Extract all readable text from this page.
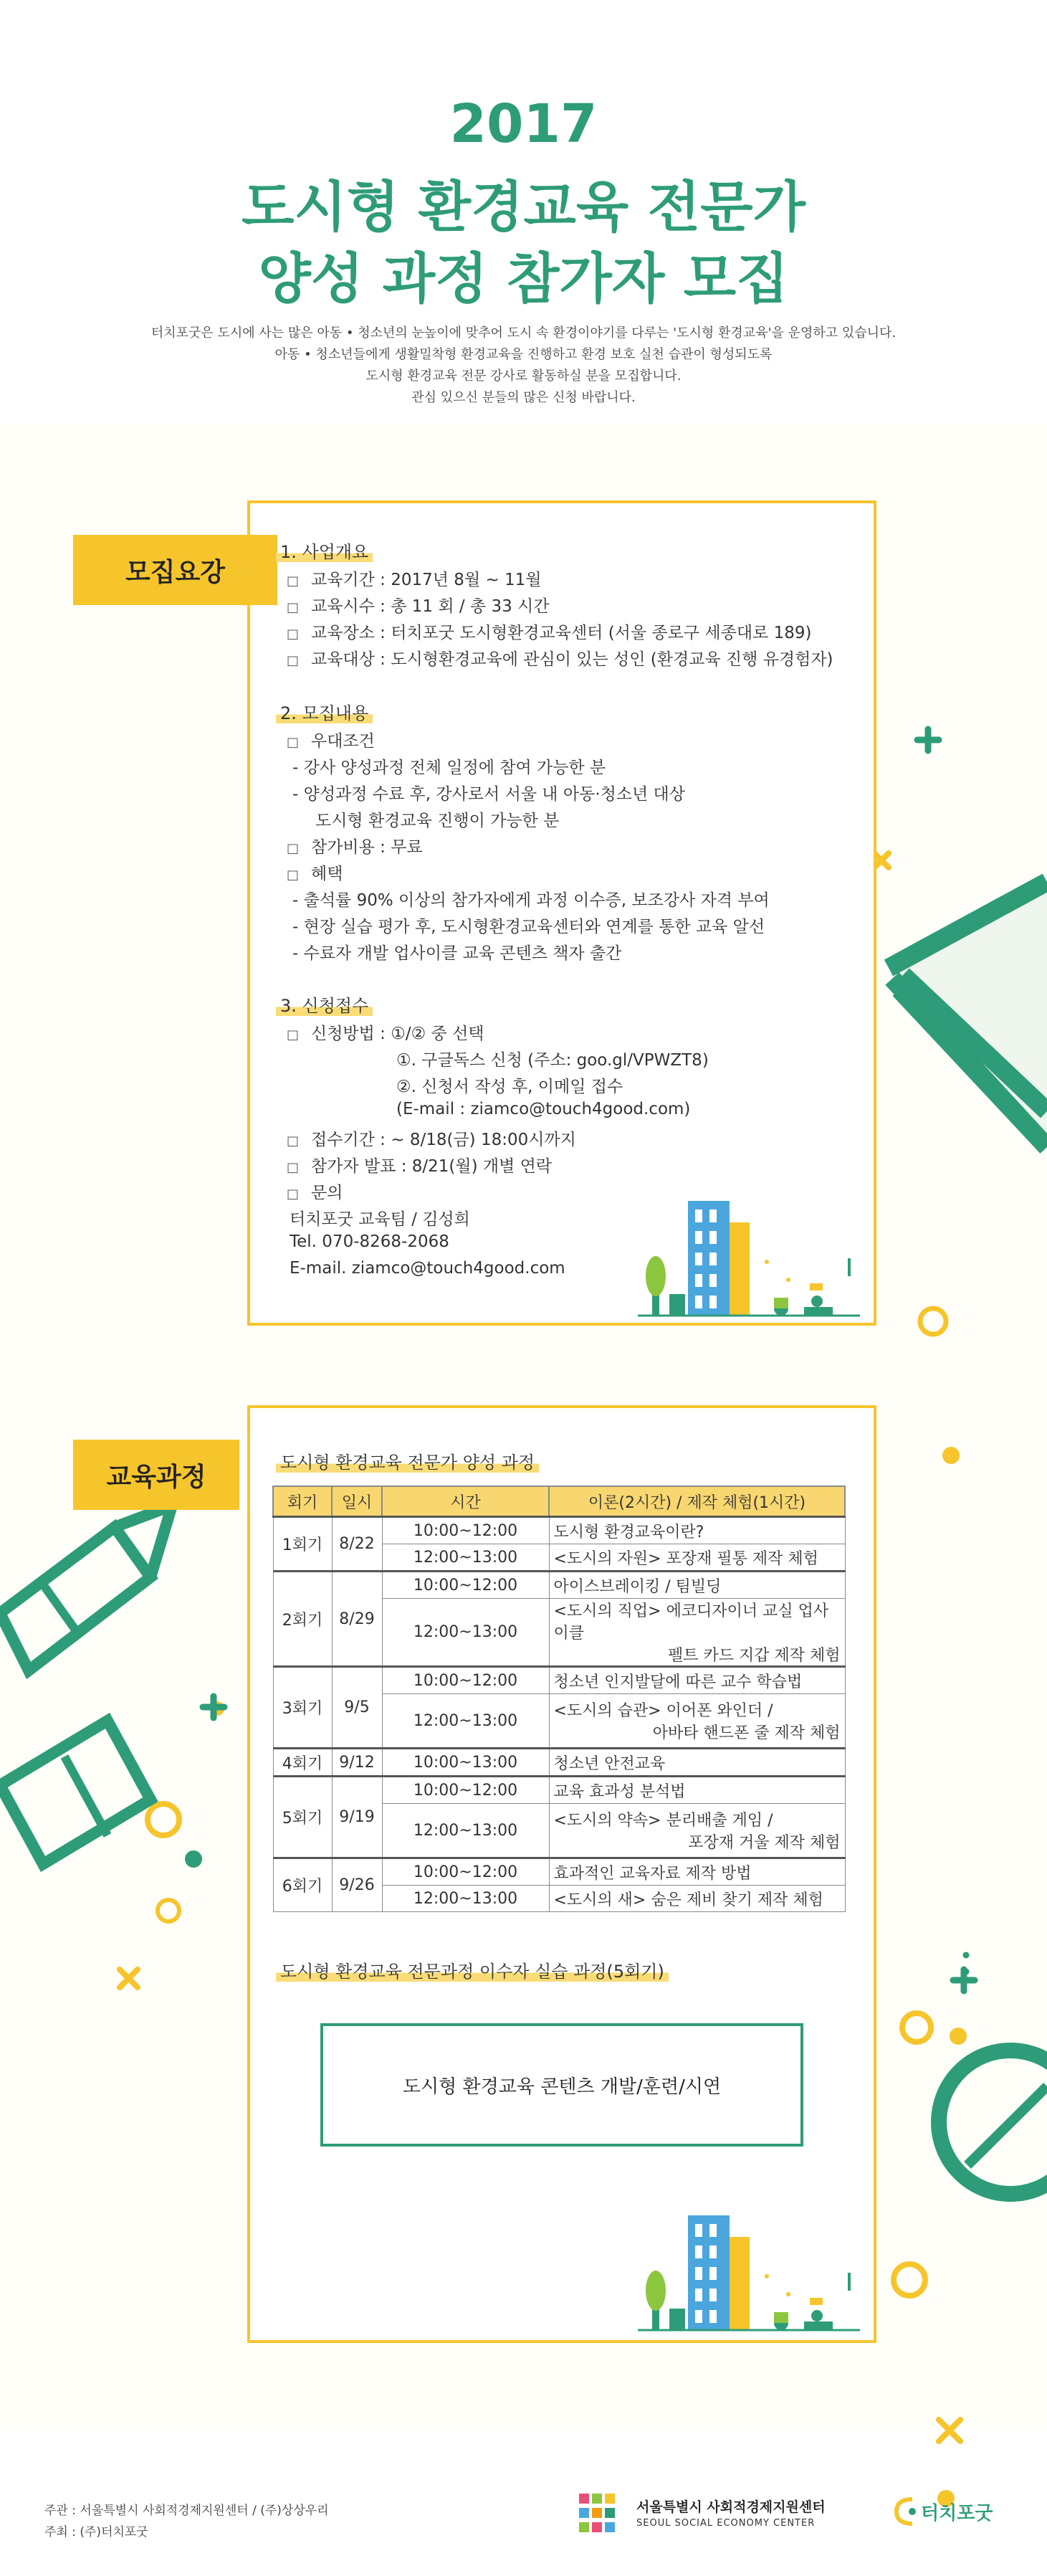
2017
도시형 환경교육 전문가
양성 과정 참가자 모집
터치포굿은 도시에 사는 많은 아동 • 청소년의 눈높이에 맞추어 도시 속 환경이야기를 다루는 '도시형 환경교육'을 운영하고 있습니다.
아동 • 청소년들에게 생활밀착형 환경교육을 진행하고 환경 보호 실천 습관이 형성되도록
도시형 환경교육 전문 강사로 활동하실 분을 모집합니다.
관심 있으신 분들의 많은 신청 바랍니다.
모집요강
1. 사업개요
□ 교육기간 : 2017년 8월 ~ 11월
□ 교육시수 : 총 11 회 / 총 33 시간
□ 교육장소 : 터치포굿 도시형환경교육센터 (서울 종로구 세종대로 189)
□ 교육대상 : 도시형환경교육에 관심이 있는 성인 (환경교육 진행 유경험자)
2. 모집내용
□ 우대조건
- 강사 양성과정 전체 일정에 참여 가능한 분
- 양성과정 수료 후, 강사로서 서울 내 아동·청소년 대상
도시형 환경교육 진행이 가능한 분
□ 참가비용 : 무료
□ 혜택
- 출석률 90% 이상의 참가자에게 과정 이수증, 보조강사 자격 부여
- 현장 실습 평가 후, 도시형환경교육센터와 연계를 통한 교육 알선
- 수료자 개발 업사이클 교육 콘텐츠 책자 출간
3. 신청접수
□ 신청방법 : ①/② 중 선택
①. 구글독스 신청 (주소: goo.gl/VPWZT8)
②. 신청서 작성 후, 이메일 접수
(E-mail : ziamco@touch4good.com)
□ 접수기간 : ~ 8/18(금) 18:00시까지
□ 참가자 발표 : 8/21(월) 개별 연락
□ 문의
터치포굿 교육팀 / 김성희
Tel. 070-8268-2068
E-mail. ziamco@touch4good.com
교육과정	도시형 환경교육 전문가 양성 과정
회기	일시	시간	이론(2시간) / 제작 체험(1시간)
1회기	8/22	10:00~12:00	도시형 환경교육이란?
		12:00~13:00	<도시의 자원> 포장재 필통 제작 체험
2회기	8/29	10:00~12:00	아이스브레이킹 / 팀빌딩
		12:00~13:00	<도시의 직업> 에코디자이너 교실 업사이클
펠트 카드 지갑 제작 체험

3회기	9/5	10:00~12:00	청소년 인지발달에 따른 교수 학습법
		12:00~13:00	<도시의 습관> 이어폰 와인더 /
아바타 핸드폰 줄 제작 체험

4회기	9/12	10:00~13:00	청소년 안전교육
5회기	9/19	10:00~12:00	교육 효과성 분석법
		12:00~13:00	<도시의 약속> 분리배출 게임 /
포장재 거울 제작 체험

6회기	9/26	10:00~12:00	효과적인 교육자료 제작 방법
		12:00~13:00	<도시의 새> 숨은 제비 찾기 제작 체험
도시형 환경교육 전문과정 이수자 실습 과정(5회기)
도시형 환경교육 콘텐츠 개발/훈련/시연
주관 : 서울특별시 사회적경제지원센터 / (주)상상우리
주최 : (주)터치포굿
서울특별시 사회적경제지원센터
SEOUL SOCIAL ECONOMY CENTER	터치포굿
